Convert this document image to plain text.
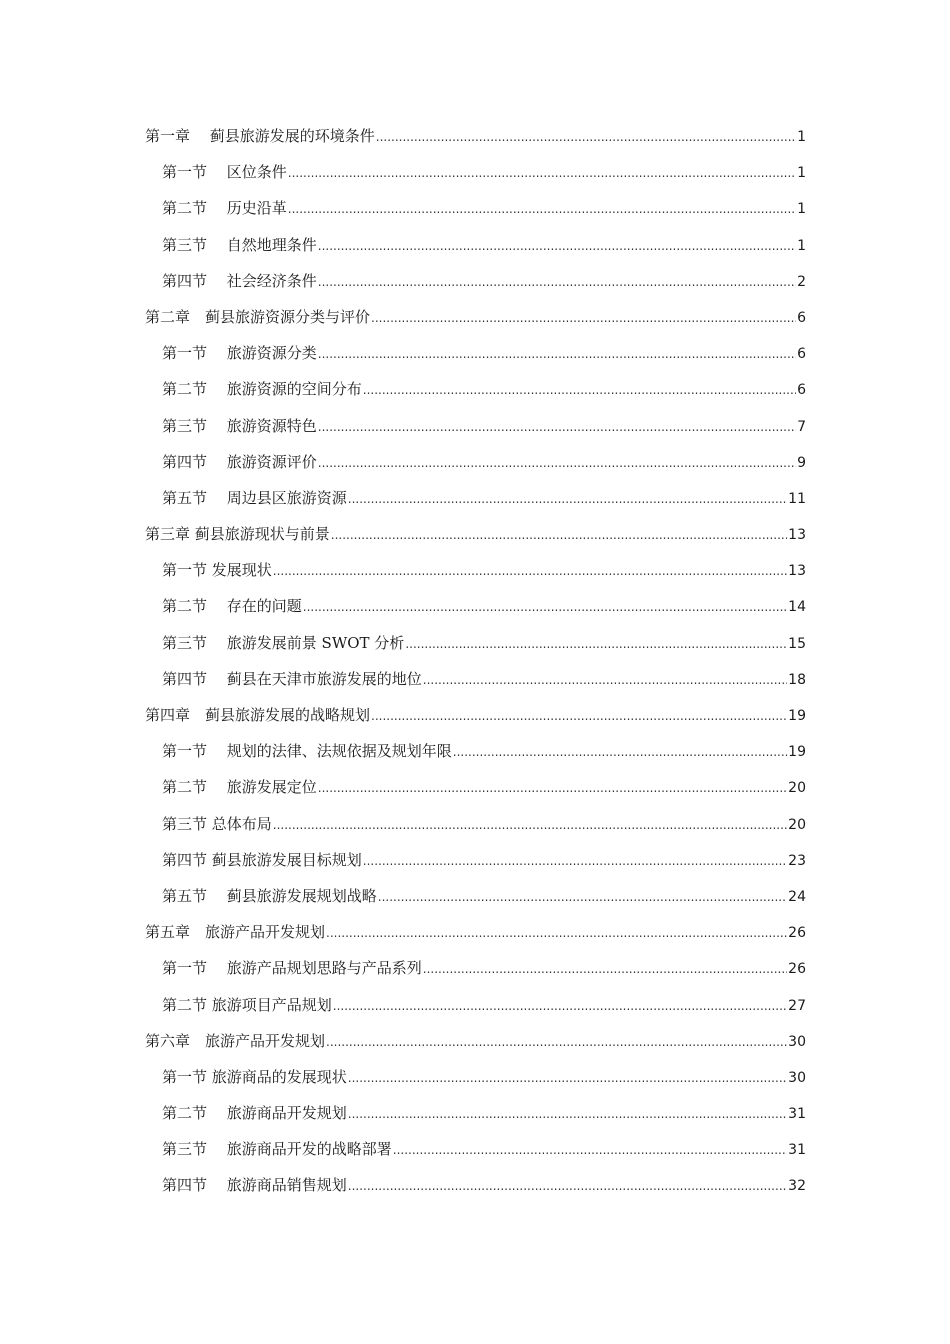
第一章　 蓟县旅游发展的环境条件 .....	1
第一节　 区位条件 .....	1
第二节　 历史沿革 .....	1
第三节　 自然地理条件 .....	1
第四节　 社会经济条件 .....	2
第二章　蓟县旅游资源分类与评价 .....	6
第一节　 旅游资源分类 .....	6
第二节　 旅游资源的空间分布 .....	6
第三节　 旅游资源特色 .....	7
第四节　 旅游资源评价 .....	9
第五节　 周边县区旅游资源 .....	11
第三章 蓟县旅游现状与前景 .....	13
第一节 发展现状 .....	13
第二节　 存在的问题 .....	14
第三节　 旅游发展前景 SWOT 分析 .....	15
第四节　 蓟县在天津市旅游发展的地位 .....	18
第四章　蓟县旅游发展的战略规划 .....	19
第一节　 规划的法律、法规依据及规划年限 .....	19
第二节　 旅游发展定位 .....	20
第三节 总体布局 .....	20
第四节 蓟县旅游发展目标规划 .....	23
第五节　 蓟县旅游发展规划战略 .....	24
第五章　旅游产品开发规划 .....	26
第一节　 旅游产品规划思路与产品系列 .....	26
第二节 旅游项目产品规划 .....	27
第六章　旅游产品开发规划 .....	30
第一节 旅游商品的发展现状 .....	30
第二节　 旅游商品开发规划 .....	31
第三节　 旅游商品开发的战略部署 .....	31
第四节　 旅游商品销售规划 .....	32
